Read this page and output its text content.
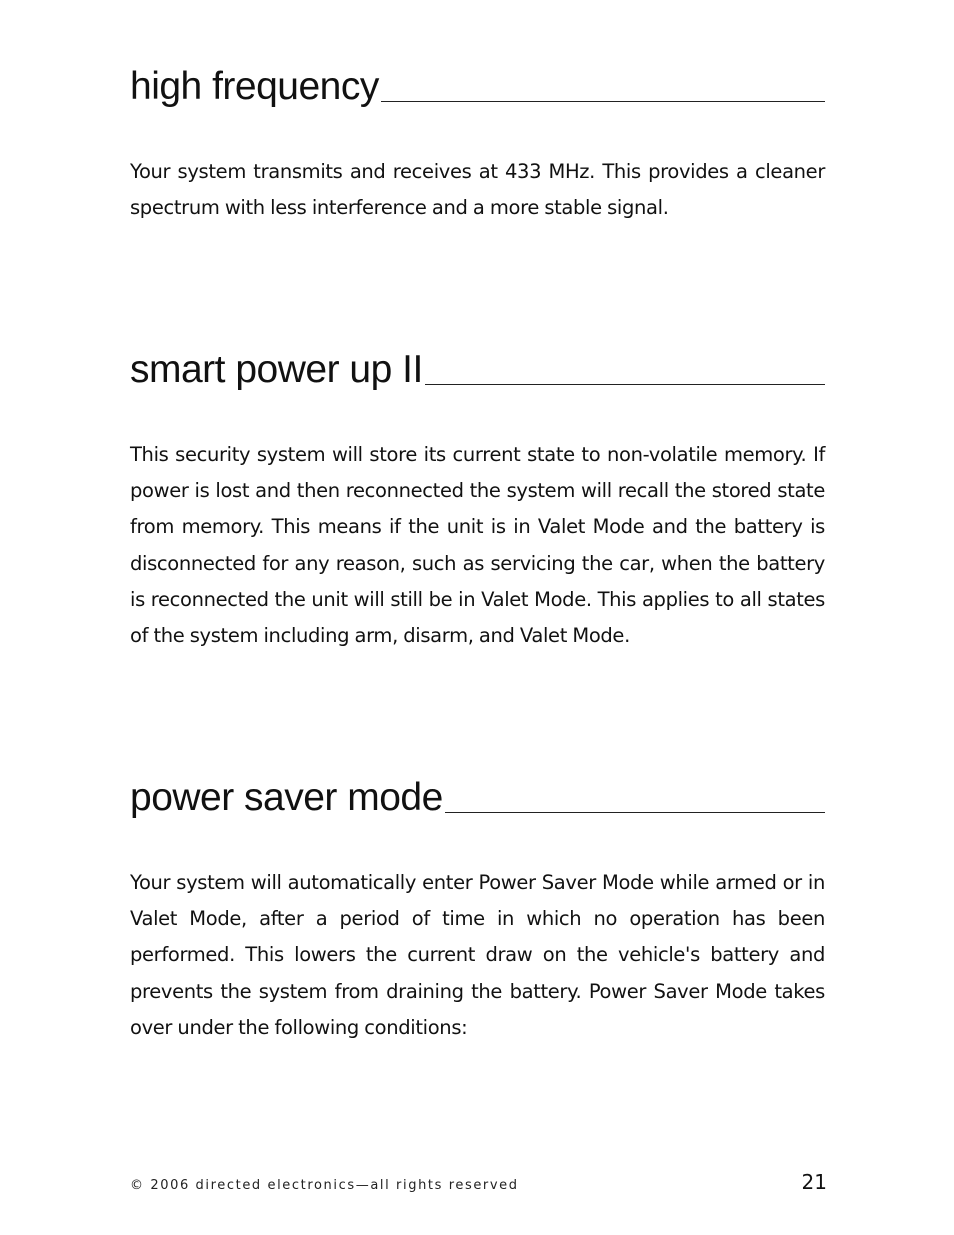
high frequency

Your system transmits and receives at 433 MHz. This provides a cleaner spectrum with less interference and a more stable signal.

smart power up II

This security system will store its current state to non-volatile memory. If power is lost and then reconnected the system will recall the stored state from memory. This means if the unit is in Valet Mode and the battery is disconnected for any reason, such as servicing the car, when the battery is reconnected the unit will still be in Valet Mode. This applies to all states of the system including arm, disarm, and Valet Mode.

power saver mode

Your system will automatically enter Power Saver Mode while armed or in Valet Mode, after a period of time in which no operation has been performed. This lowers the current draw on the vehicle's battery and prevents the system from draining the battery. Power Saver Mode takes over under the following conditions:

© 2006 directed electronics—all rights reserved	21
